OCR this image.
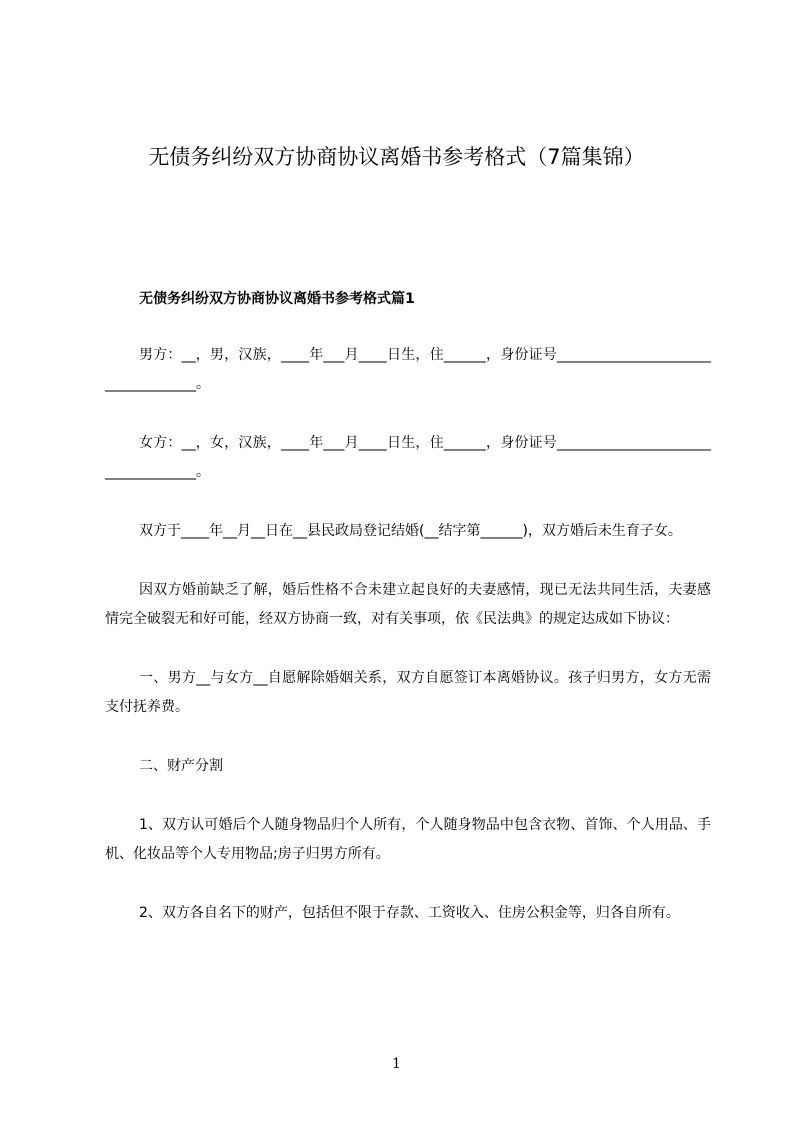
无债务纠纷双方协商协议离婚书参考格式（7篇集锦）

无债务纠纷双方协商协议离婚书参考格式篇1

男方：__，男，汉族，____年___月____日生，住______，身份证号___________________________________。

女方：__，女，汉族，____年___月____日生，住______，身份证号___________________________________。

双方于____年__月__日在__县民政局登记结婚(__结字第______)，双方婚后未生育子女。

因双方婚前缺乏了解，婚后性格不合未建立起良好的夫妻感情，现已无法共同生活，夫妻感情完全破裂无和好可能，经双方协商一致，对有关事项，依《民法典》的规定达成如下协议：

一、男方__与女方__自愿解除婚姻关系，双方自愿签订本离婚协议。孩子归男方，女方无需支付抚养费。

二、财产分割

1、双方认可婚后个人随身物品归个人所有，个人随身物品中包含衣物、首饰、个人用品、手机、化妆品等个人专用物品;房子归男方所有。

2、双方各自名下的财产，包括但不限于存款、工资收入、住房公积金等，归各自所有。

1
